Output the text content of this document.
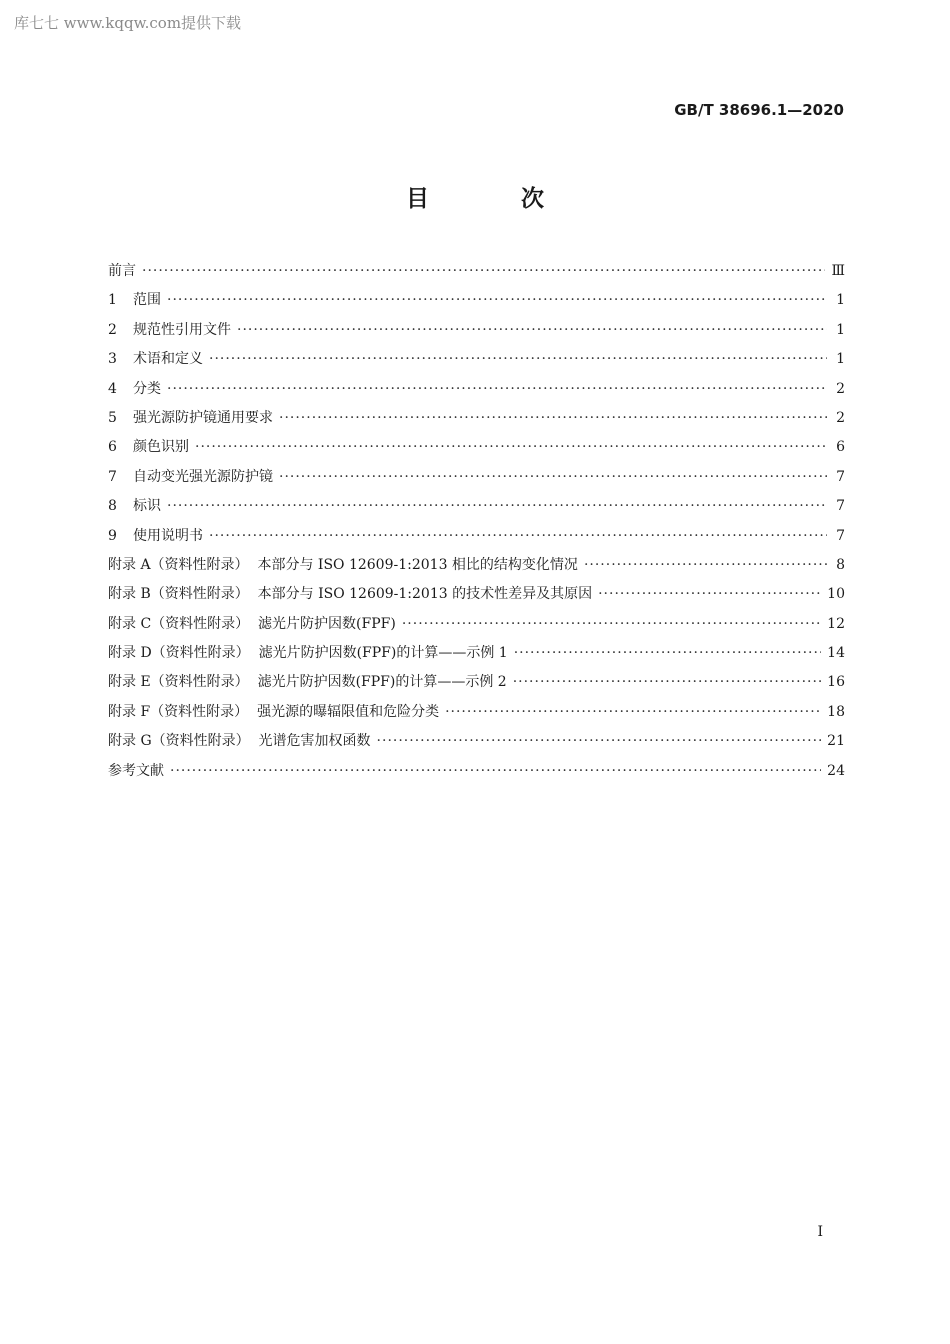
库七七 www.kqqw.com提供下载
GB/T 38696.1—2020
目 次
前言 ·····	Ⅲ
1	范围 ·····	1
2	规范性引用文件 ·····	1
3	术语和定义 ·····	1
4	分类 ·····	2
5	强光源防护镜通用要求 ·····	2
6	颜色识别 ·····	6
7	自动变光强光源防护镜 ·····	7
8	标识 ·····	7
9	使用说明书 ·····	7
附录 A（资料性附录）  本部分与 ISO 12609-1:2013 相比的结构变化情况 ·····	8
附录 B（资料性附录）  本部分与 ISO 12609-1:2013 的技术性差异及其原因 ·····	10
附录 C（资料性附录）  滤光片防护因数(FPF) ·····	12
附录 D（资料性附录）  滤光片防护因数(FPF)的计算——示例 1 ·····	14
附录 E（资料性附录）  滤光片防护因数(FPF)的计算——示例 2 ·····	16
附录 F（资料性附录）  强光源的曝辐限值和危险分类 ·····	18
附录 G（资料性附录）  光谱危害加权函数 ·····	21
参考文献 ·····	24
I
